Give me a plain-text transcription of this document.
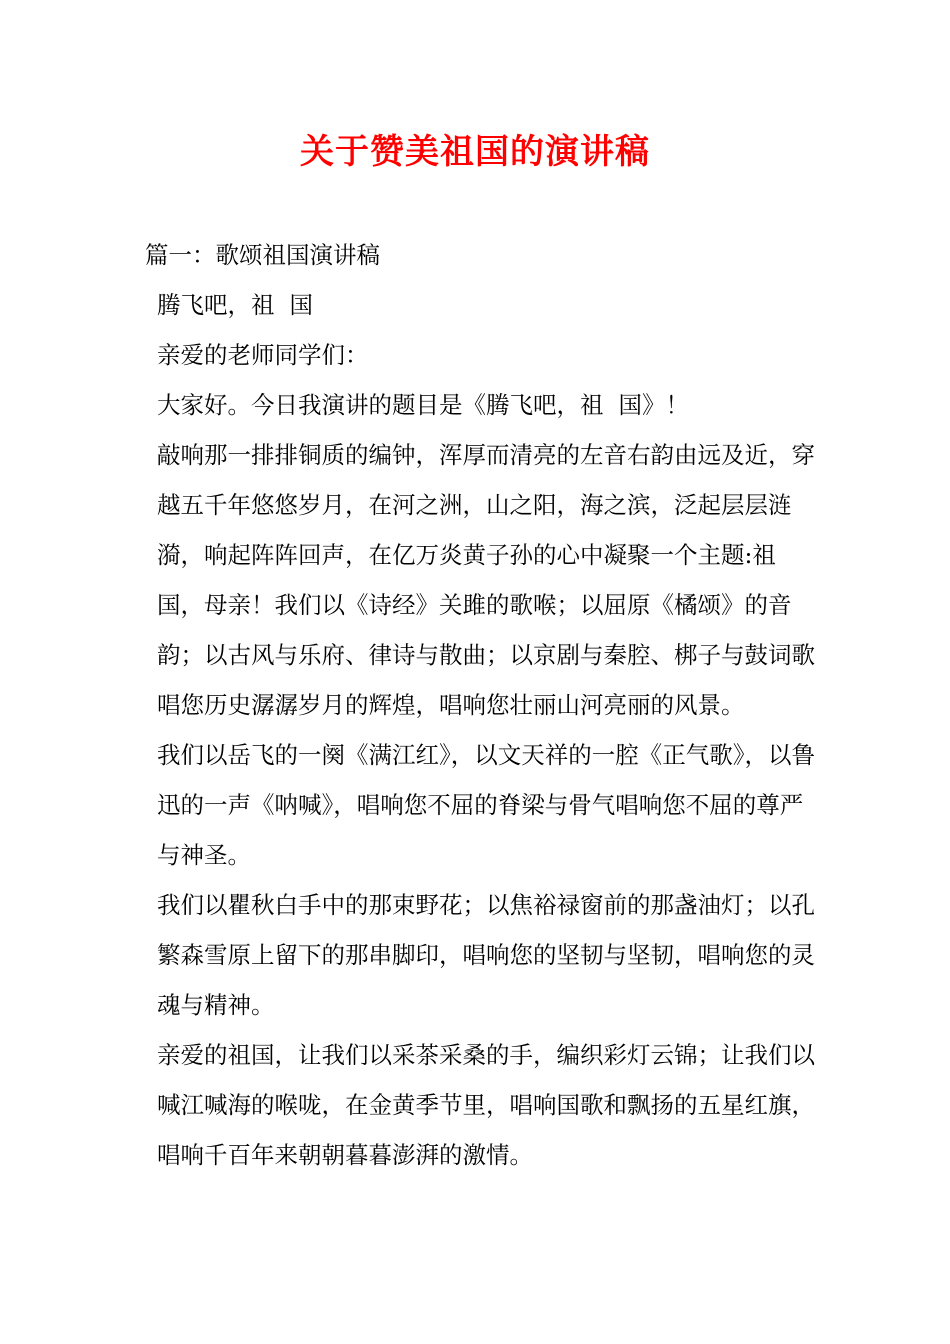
关于赞美祖国的演讲稿

篇一：歌颂祖国演讲稿

腾飞吧，祖  国

亲爱的老师同学们：

大家好。今日我演讲的题目是《腾飞吧，祖  国》！

敲响那一排排铜质的编钟，浑厚而清亮的左音右韵由远及近，穿越五千年悠悠岁月，在河之洲，山之阳，海之滨，泛起层层涟漪，响起阵阵回声，在亿万炎黄子孙的心中凝聚一个主题:祖国，母亲！我们以《诗经》关雎的歌喉；以屈原《橘颂》的音韵；以古风与乐府、律诗与散曲；以京剧与秦腔、梆子与鼓词歌唱您历史潺潺岁月的辉煌，唱响您壮丽山河亮丽的风景。

我们以岳飞的一阕《满江红》，以文天祥的一腔《正气歌》，以鲁迅的一声《呐喊》，唱响您不屈的脊梁与骨气唱响您不屈的尊严与神圣。

我们以瞿秋白手中的那束野花；以焦裕禄窗前的那盏油灯；以孔繁森雪原上留下的那串脚印，唱响您的坚韧与坚韧，唱响您的灵魂与精神。

亲爱的祖国，让我们以采茶采桑的手，编织彩灯云锦；让我们以喊江喊海的喉咙，在金黄季节里，唱响国歌和飘扬的五星红旗，唱响千百年来朝朝暮暮澎湃的激情。
